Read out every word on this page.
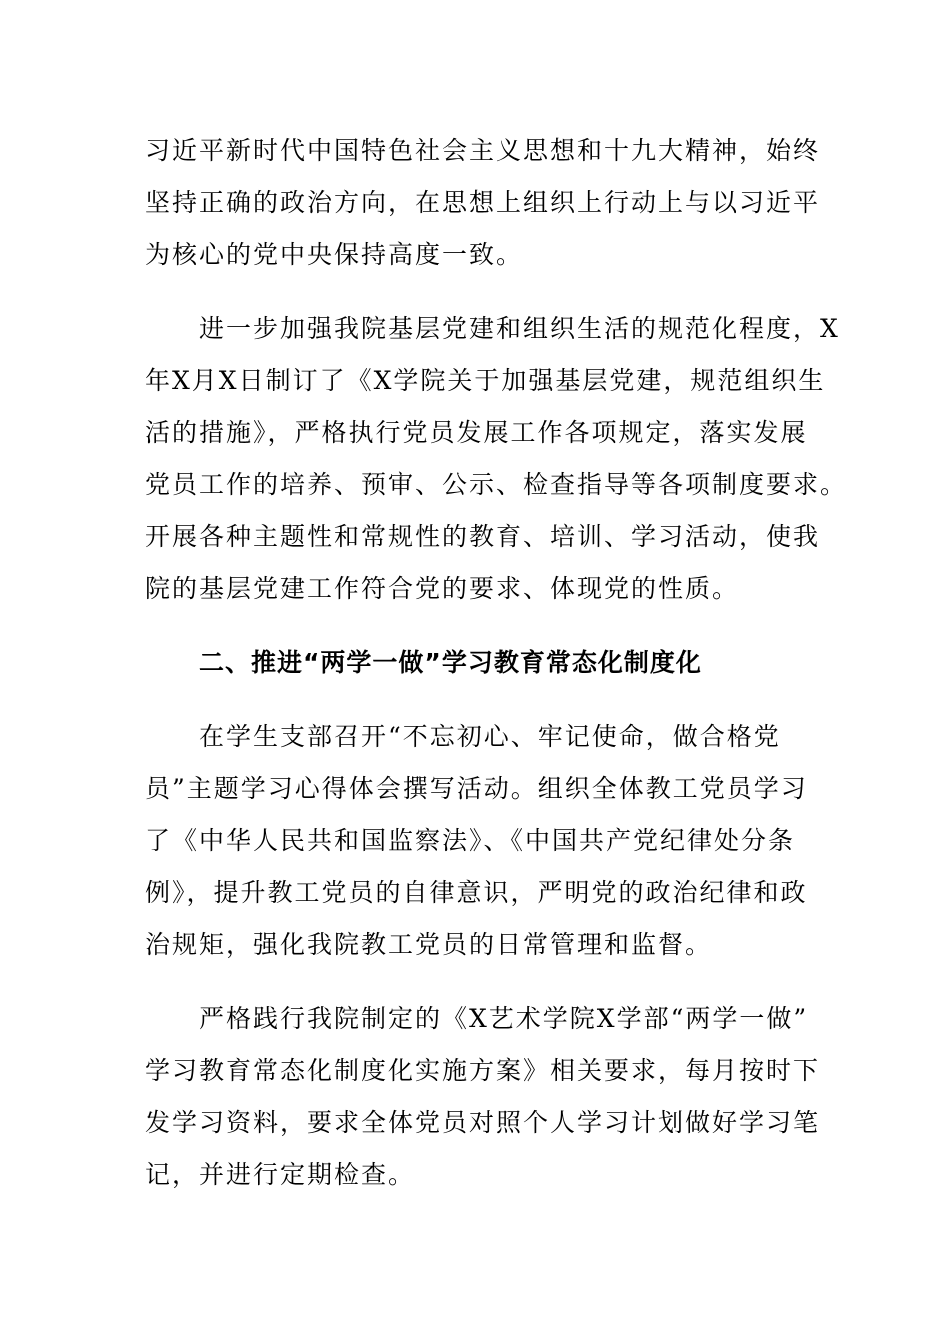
习近平新时代中国特色社会主义思想和十九大精神，始终
坚持正确的政治方向，在思想上组织上行动上与以习近平
为核心的党中央保持高度一致。
进一步加强我院基层党建和组织生活的规范化程度，X
年X月X日制订了《X学院关于加强基层党建，规范组织生
活的措施》，严格执行党员发展工作各项规定，落实发展
党员工作的培养、预审、公示、检查指导等各项制度要求。
开展各种主题性和常规性的教育、培训、学习活动，使我
院的基层党建工作符合党的要求、体现党的性质。
二、推进“两学一做”学习教育常态化制度化
在学生支部召开“不忘初心、牢记使命，做合格党
员”主题学习心得体会撰写活动。组织全体教工党员学习
了《中华人民共和国监察法》、《中国共产党纪律处分条
例》，提升教工党员的自律意识，严明党的政治纪律和政
治规矩，强化我院教工党员的日常管理和监督。
严格践行我院制定的《X艺术学院X学部“两学一做”
学习教育常态化制度化实施方案》相关要求，每月按时下
发学习资料，要求全体党员对照个人学习计划做好学习笔
记，并进行定期检查。
